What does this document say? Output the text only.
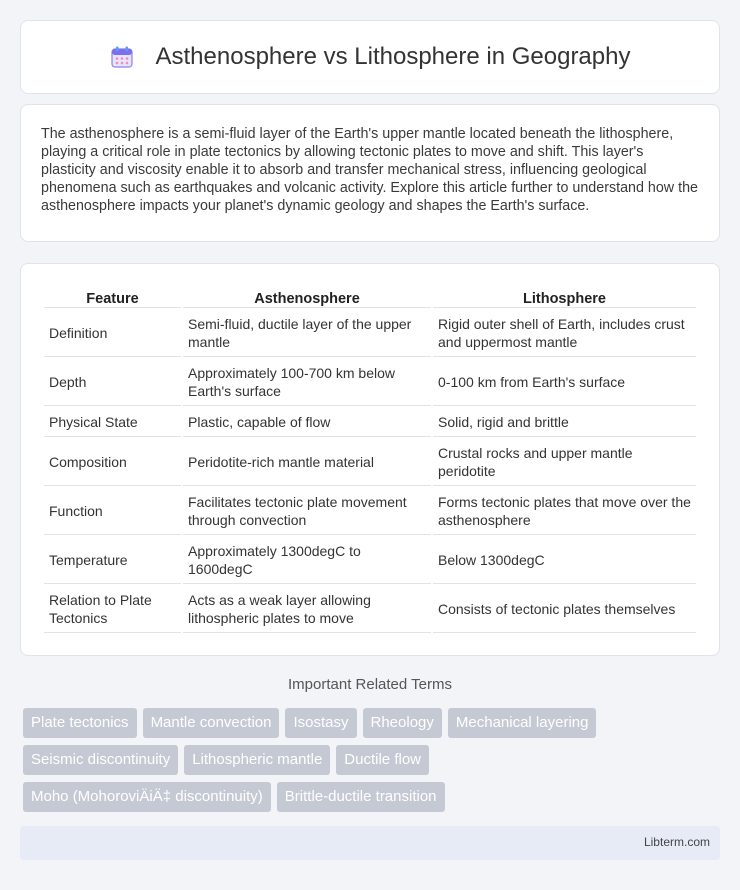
Asthenosphere vs Lithosphere in Geography

The asthenosphere is a semi-fluid layer of the Earth's upper mantle located beneath the lithosphere, playing a critical role in plate tectonics by allowing tectonic plates to move and shift. This layer's plasticity and viscosity enable it to absorb and transfer mechanical stress, influencing geological phenomena such as earthquakes and volcanic activity. Explore this article further to understand how the asthenosphere impacts your planet's dynamic geology and shapes the Earth's surface.

Feature	Asthenosphere	Lithosphere
Definition	Semi-fluid, ductile layer of the upper mantle	Rigid outer shell of Earth, includes crust and uppermost mantle
Depth	Approximately 100-700 km below Earth's surface	0-100 km from Earth's surface
Physical State	Plastic, capable of flow	Solid, rigid and brittle
Composition	Peridotite-rich mantle material	Crustal rocks and upper mantle peridotite
Function	Facilitates tectonic plate movement through convection	Forms tectonic plates that move over the asthenosphere
Temperature	Approximately 1300degC to 1600degC	Below 1300degC
Relation to Plate Tectonics	Acts as a weak layer allowing lithospheric plates to move	Consists of tectonic plates themselves
Important Related Terms
Plate tectonics	Mantle convection	Isostasy	Rheology	Mechanical layering
Seismic discontinuity	Lithospheric mantle	Ductile flow
Moho (MohoroviÄiÄ‡ discontinuity)	Brittle-ductile transition
Libterm.com
